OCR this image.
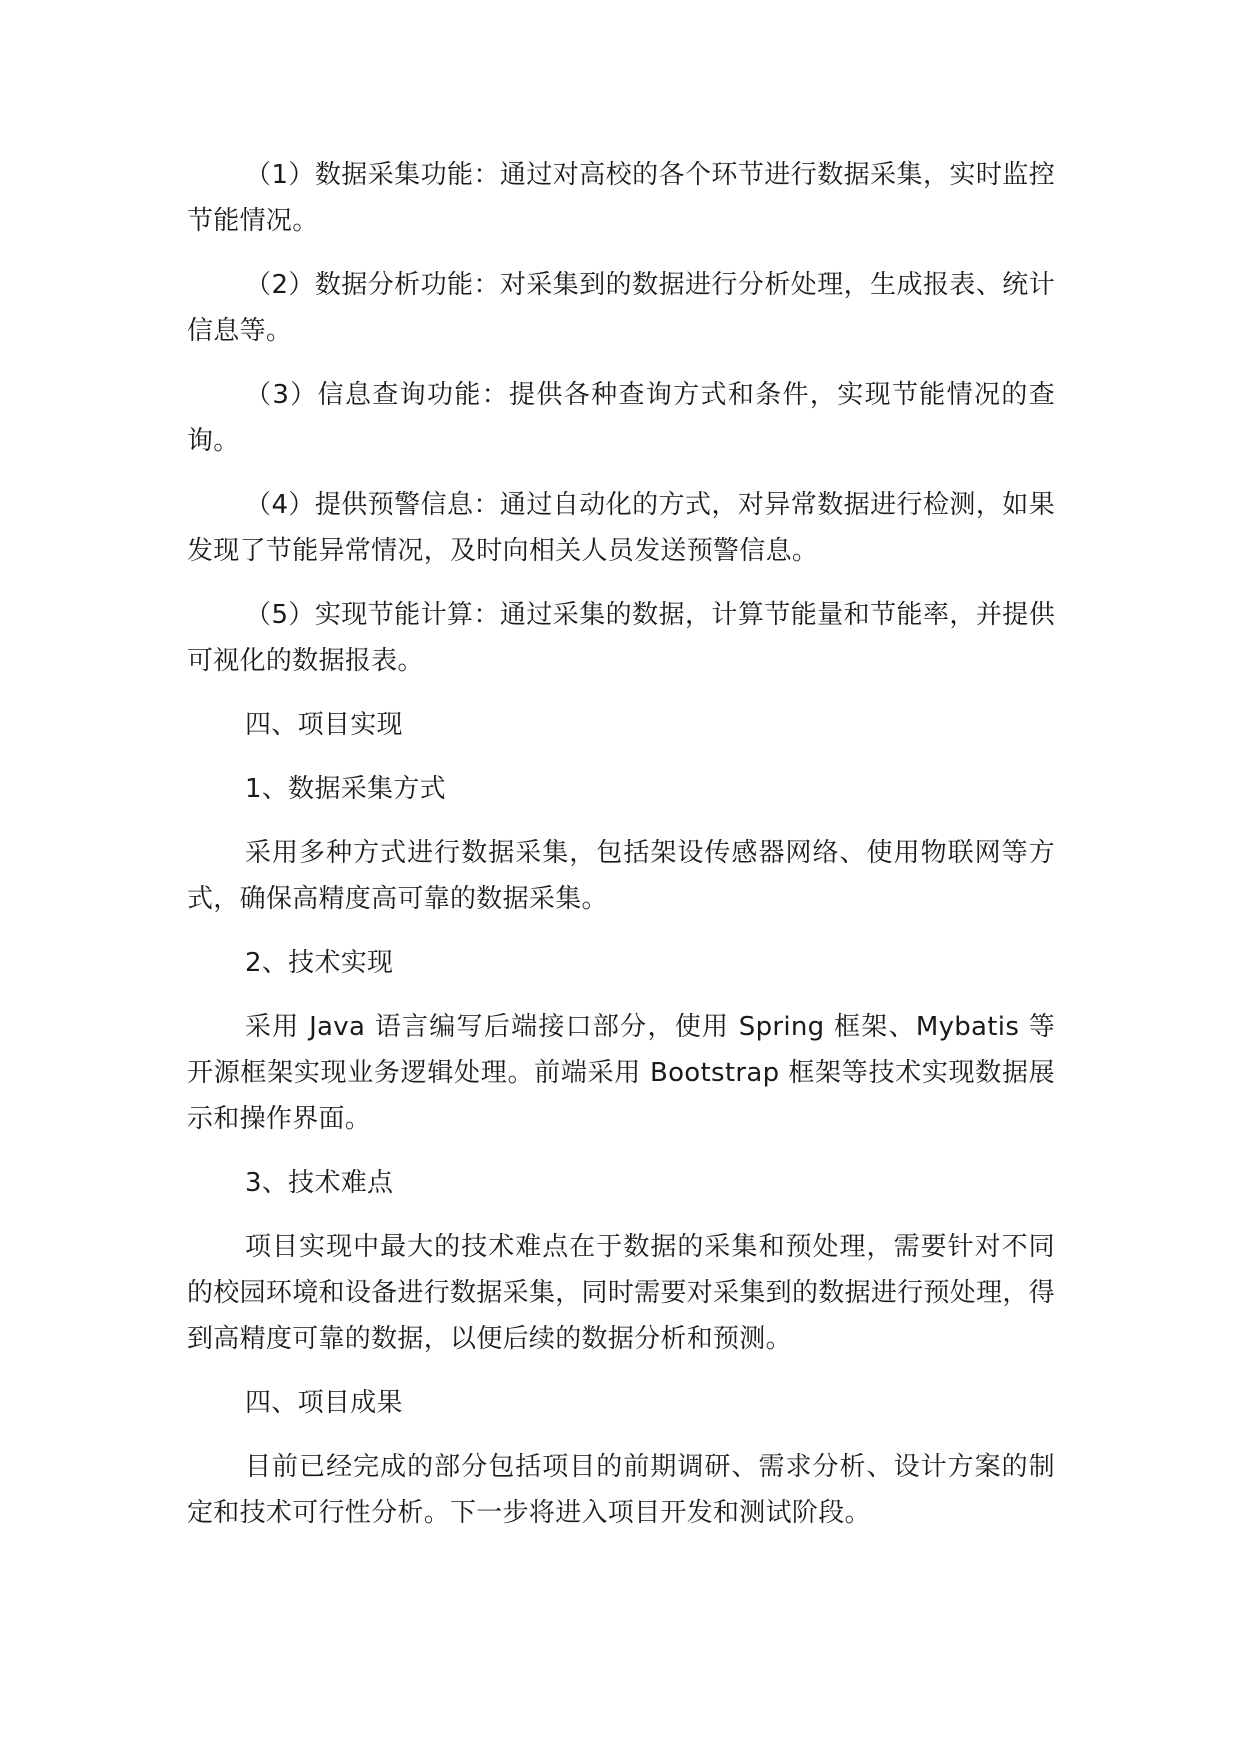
（1）数据采集功能：通过对高校的各个环节进行数据采集，实时监控节能情况。

（2）数据分析功能：对采集到的数据进行分析处理，生成报表、统计信息等。

（3）信息查询功能：提供各种查询方式和条件，实现节能情况的查询。

（4）提供预警信息：通过自动化的方式，对异常数据进行检测，如果发现了节能异常情况，及时向相关人员发送预警信息。

（5）实现节能计算：通过采集的数据，计算节能量和节能率，并提供可视化的数据报表。

四、项目实现

1、数据采集方式

采用多种方式进行数据采集，包括架设传感器网络、使用物联网等方式，确保高精度高可靠的数据采集。

2、技术实现

采用 Java 语言编写后端接口部分，使用 Spring 框架、Mybatis 等开源框架实现业务逻辑处理。前端采用 Bootstrap 框架等技术实现数据展示和操作界面。

3、技术难点

项目实现中最大的技术难点在于数据的采集和预处理，需要针对不同的校园环境和设备进行数据采集，同时需要对采集到的数据进行预处理，得到高精度可靠的数据，以便后续的数据分析和预测。

四、项目成果

目前已经完成的部分包括项目的前期调研、需求分析、设计方案的制定和技术可行性分析。下一步将进入项目开发和测试阶段。
